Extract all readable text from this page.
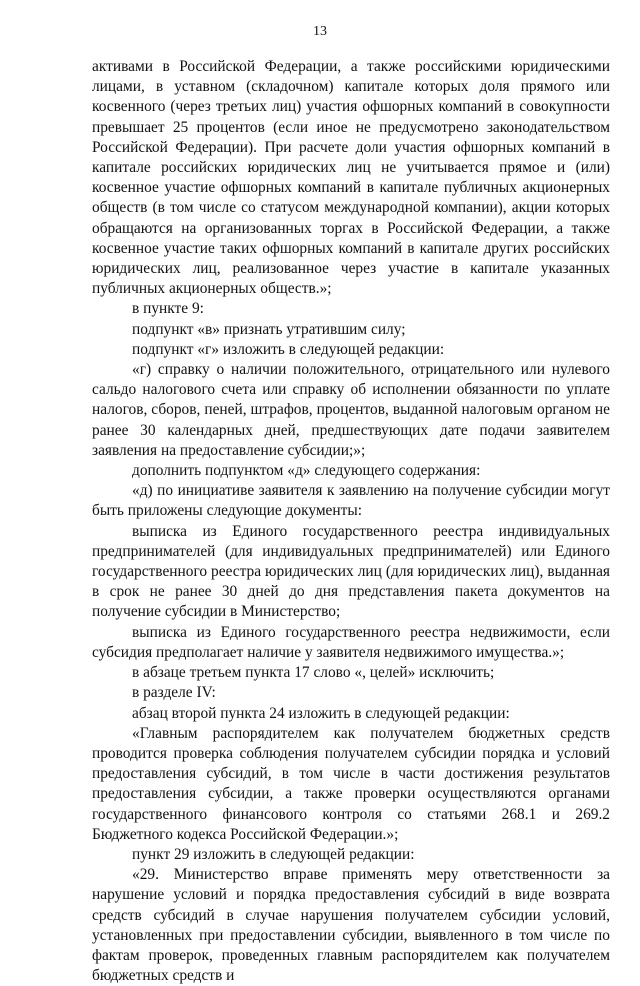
13

активами в Российской Федерации, а также российскими юридическими лицами, в уставном (складочном) капитале которых доля прямого или косвенного (через третьих лиц) участия офшорных компаний в совокупности превышает 25 процентов (если иное не предусмотрено законодательством Российской Федерации). При расчете доли участия офшорных компаний в капитале российских юридических лиц не учитывается прямое и (или) косвенное участие офшорных компаний в капитале публичных акционерных обществ (в том числе со статусом международной компании), акции которых обращаются на организованных торгах в Российской Федерации, а также косвенное участие таких офшорных компаний в капитале других российских юридических лиц, реализованное через участие в капитале указанных публичных акционерных обществ.»;

в пункте 9:

подпункт «в» признать утратившим силу;

подпункт «г» изложить в следующей редакции:

«г) справку о наличии положительного, отрицательного или нулевого сальдо налогового счета или справку об исполнении обязанности по уплате налогов, сборов, пеней, штрафов, процентов, выданной налоговым органом не ранее 30 календарных дней, предшествующих дате подачи заявителем заявления на предоставление субсидии;»;

дополнить подпунктом «д» следующего содержания:

«д) по инициативе заявителя к заявлению на получение субсидии могут быть приложены следующие документы:

выписка из Единого государственного реестра индивидуальных предпринимателей (для индивидуальных предпринимателей) или Единого государственного реестра юридических лиц (для юридических лиц), выданная в срок не ранее 30 дней до дня представления пакета документов на получение субсидии в Министерство;

выписка из Единого государственного реестра недвижимости, если субсидия предполагает наличие у заявителя недвижимого имущества.»;

в абзаце третьем пункта 17 слово «, целей» исключить;

в разделе IV:

абзац второй пункта 24 изложить в следующей редакции:

«Главным распорядителем как получателем бюджетных средств проводится проверка соблюдения получателем субсидии порядка и условий предоставления субсидий, в том числе в части достижения результатов предоставления субсидии, а также проверки осуществляются органами государственного финансового контроля со статьями 268.1 и 269.2 Бюджетного кодекса Российской Федерации.»;

пункт 29 изложить в следующей редакции:

«29. Министерство вправе применять меру ответственности за нарушение условий и порядка предоставления субсидий в виде возврата средств субсидий в случае нарушения получателем субсидии условий, установленных при предоставлении субсидии, выявленного в том числе по фактам проверок, проведенных главным распорядителем как получателем бюджетных средств и
